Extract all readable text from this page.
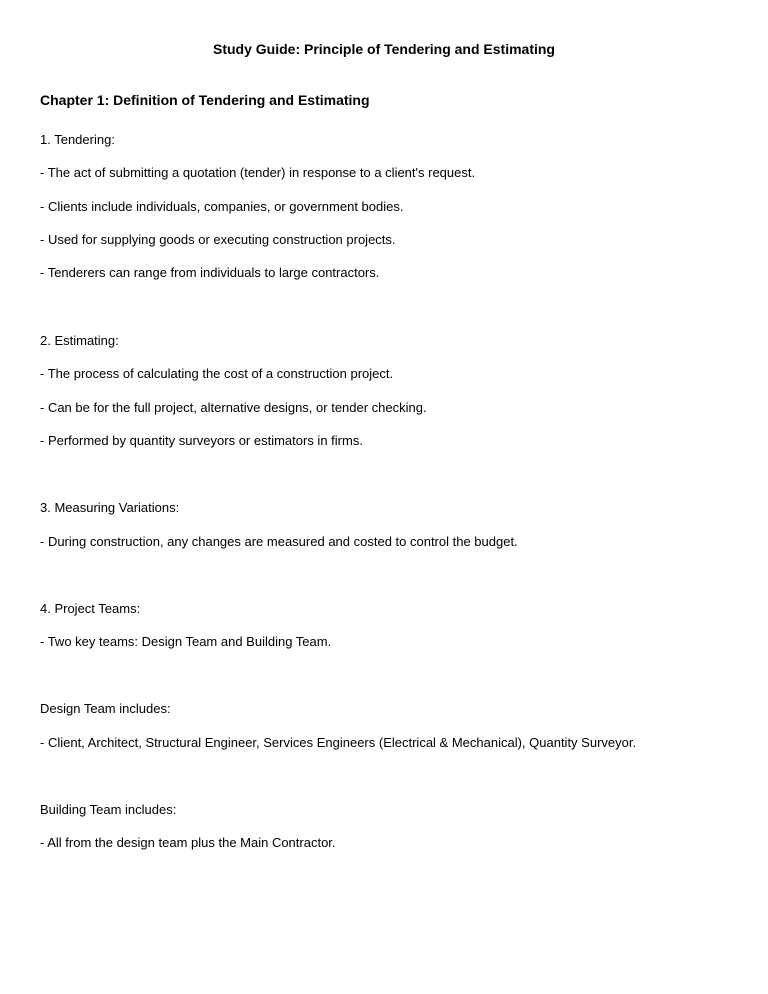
Study Guide: Principle of Tendering and Estimating
Chapter 1: Definition of Tendering and Estimating
1. Tendering:
- The act of submitting a quotation (tender) in response to a client's request.
- Clients include individuals, companies, or government bodies.
- Used for supplying goods or executing construction projects.
- Tenderers can range from individuals to large contractors.
2. Estimating:
- The process of calculating the cost of a construction project.
- Can be for the full project, alternative designs, or tender checking.
- Performed by quantity surveyors or estimators in firms.
3. Measuring Variations:
- During construction, any changes are measured and costed to control the budget.
4. Project Teams:
- Two key teams: Design Team and Building Team.
Design Team includes:
- Client, Architect, Structural Engineer, Services Engineers (Electrical & Mechanical), Quantity Surveyor.
Building Team includes:
- All from the design team plus the Main Contractor.
